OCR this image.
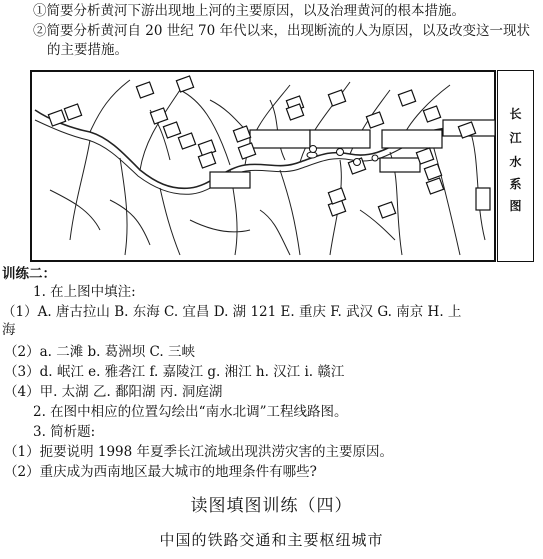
①简要分析黄河下游出现地上河的主要原因，以及治理黄河的根本措施。
②简要分析黄河自 20 世纪 70 年代以来，出现断流的人为原因，以及改变这一现状
的主要措施。
长
江
水
系
图
训练二：
1. 在上图中填注:
（1）A. 唐古拉山 B. 东海 C. 宜昌 D. 湖 121 E. 重庆 F. 武汉 G. 南京 H. 上
海
（2）a. 二滩 b. 葛洲坝 C. 三峡
（3）d. 岷江 e. 雅砻江 f. 嘉陵江 g. 湘江 h. 汉江 i. 赣江
（4）甲. 太湖 乙. 鄱阳湖 丙. 洞庭湖
2. 在图中相应的位置勾绘出“南水北调”工程线路图。
3. 简析题:
（1）扼要说明 1998 年夏季长江流域出现洪涝灾害的主要原因。
（2）重庆成为西南地区最大城市的地理条件有哪些?
读图填图训练（四）
中国的铁路交通和主要枢纽城市
